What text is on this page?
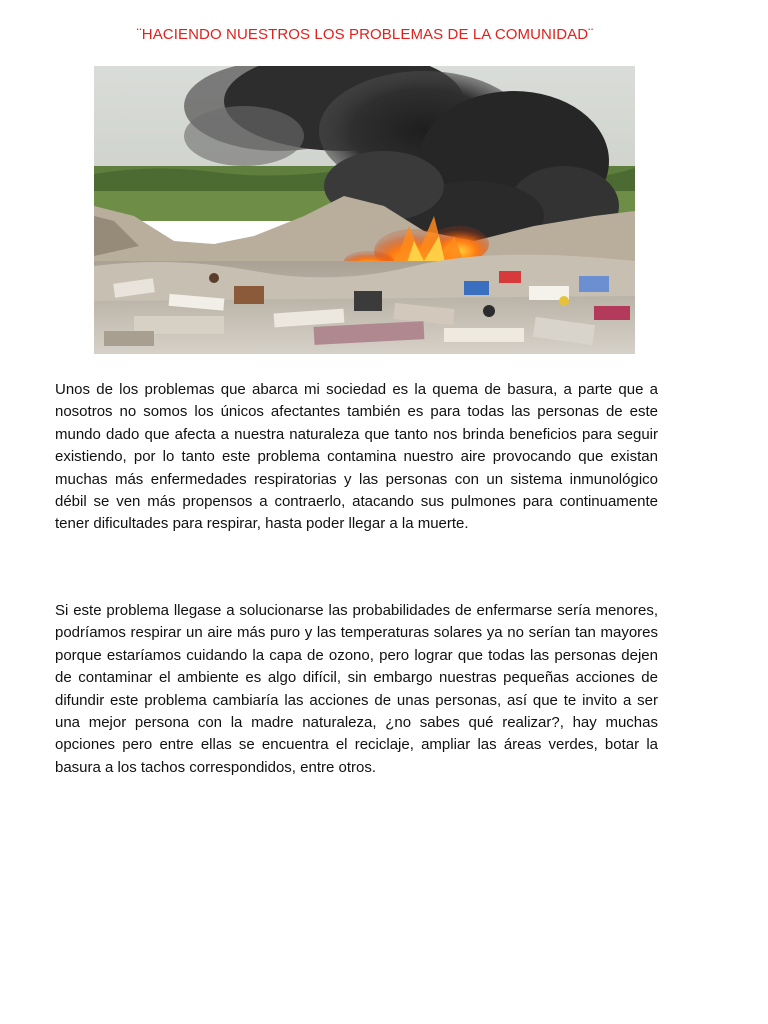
¨HACIENDO NUESTROS LOS PROBLEMAS DE LA COMUNIDAD¨

Unos de los problemas que abarca mi sociedad es la quema de basura, a parte que a nosotros no somos los únicos afectantes también es para todas las personas de este mundo dado que afecta a nuestra naturaleza que tanto nos brinda beneficios para seguir existiendo, por lo tanto este problema contamina nuestro aire provocando que existan muchas más enfermedades respiratorias y las personas con un sistema inmunológico débil se ven más propensos a contraerlo, atacando sus pulmones para continuamente tener dificultades para respirar, hasta poder llegar a la muerte.

Si este problema llegase a solucionarse las probabilidades de enfermarse sería menores, podríamos respirar un aire más puro y las temperaturas solares ya no serían tan mayores porque estaríamos cuidando la capa de ozono, pero lograr que todas las personas dejen de contaminar el ambiente es algo difícil, sin embargo nuestras pequeñas acciones de difundir este problema cambiaría las acciones de unas personas, así que te invito a ser una mejor persona con la madre naturaleza, ¿no sabes qué realizar?, hay muchas opciones pero entre ellas se encuentra el reciclaje, ampliar las áreas verdes, botar la basura a los tachos correspondidos, entre otros.
